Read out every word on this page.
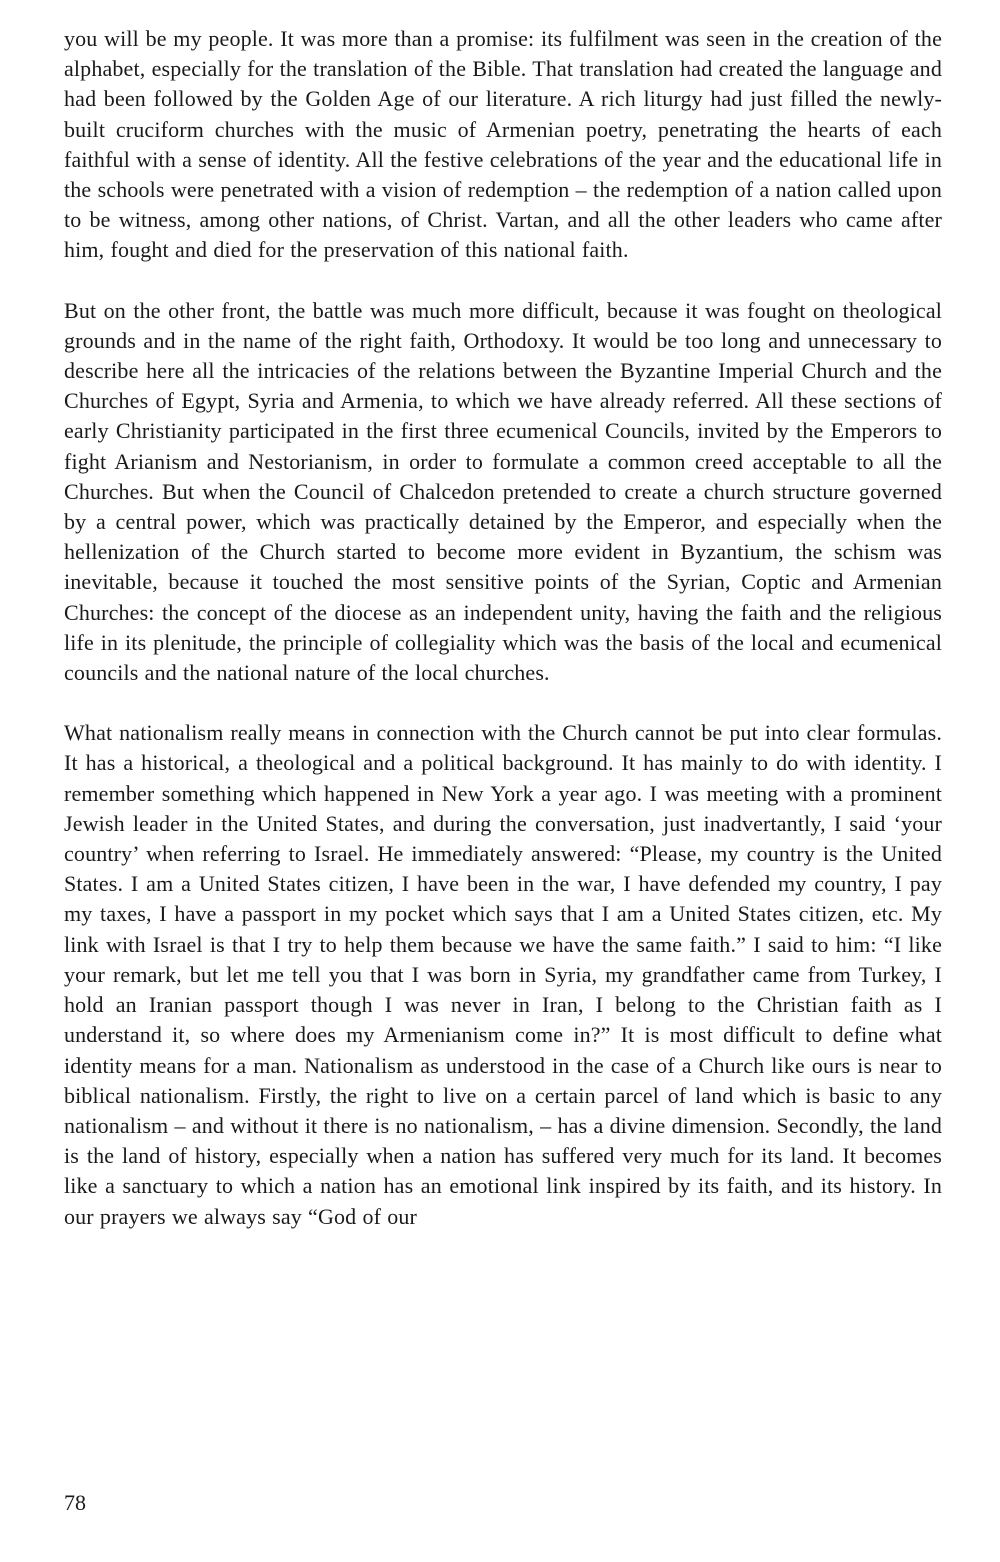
you will be my people. It was more than a promise: its fulfilment was seen in the creation of the alphabet, especially for the translation of the Bible. That translation had created the language and had been followed by the Golden Age of our literature. A rich liturgy had just filled the newly-built cruciform churches with the music of Armenian poetry, penetrating the hearts of each faithful with a sense of identity. All the festive celebrations of the year and the educational life in the schools were penetrated with a vision of redemption – the redemption of a nation called upon to be witness, among other nations, of Christ. Vartan, and all the other leaders who came after him, fought and died for the preservation of this national faith.

But on the other front, the battle was much more difficult, because it was fought on theological grounds and in the name of the right faith, Orthodoxy. It would be too long and unnecessary to describe here all the intricacies of the relations between the Byzantine Imperial Church and the Churches of Egypt, Syria and Armenia, to which we have already referred. All these sections of early Christianity participated in the first three ecumenical Councils, invited by the Emperors to fight Arianism and Nestorianism, in order to formulate a common creed acceptable to all the Churches. But when the Council of Chalcedon pretended to create a church structure governed by a central power, which was practically detained by the Emperor, and especially when the hellenization of the Church started to become more evident in Byzantium, the schism was inevitable, because it touched the most sensitive points of the Syrian, Coptic and Armenian Churches: the concept of the diocese as an independent unity, having the faith and the religious life in its plenitude, the principle of collegiality which was the basis of the local and ecumenical councils and the national nature of the local churches.

What nationalism really means in connection with the Church cannot be put into clear formulas. It has a historical, a theological and a political background. It has mainly to do with identity. I remember something which happened in New York a year ago. I was meeting with a prominent Jewish leader in the United States, and during the conversation, just inadvertantly, I said ‘your country’ when referring to Israel. He immediately answered: “Please, my country is the United States. I am a United States citizen, I have been in the war, I have defended my country, I pay my taxes, I have a passport in my pocket which says that I am a United States citizen, etc. My link with Israel is that I try to help them because we have the same faith.” I said to him: “I like your remark, but let me tell you that I was born in Syria, my grandfather came from Turkey, I hold an Iranian passport though I was never in Iran, I belong to the Christian faith as I understand it, so where does my Armenianism come in?” It is most difficult to define what identity means for a man. Nationalism as understood in the case of a Church like ours is near to biblical nationalism. Firstly, the right to live on a certain parcel of land which is basic to any nationalism – and without it there is no nationalism, – has a divine dimension. Secondly, the land is the land of history, especially when a nation has suffered very much for its land. It becomes like a sanctuary to which a nation has an emotional link inspired by its faith, and its history. In our prayers we always say “God of our

78
